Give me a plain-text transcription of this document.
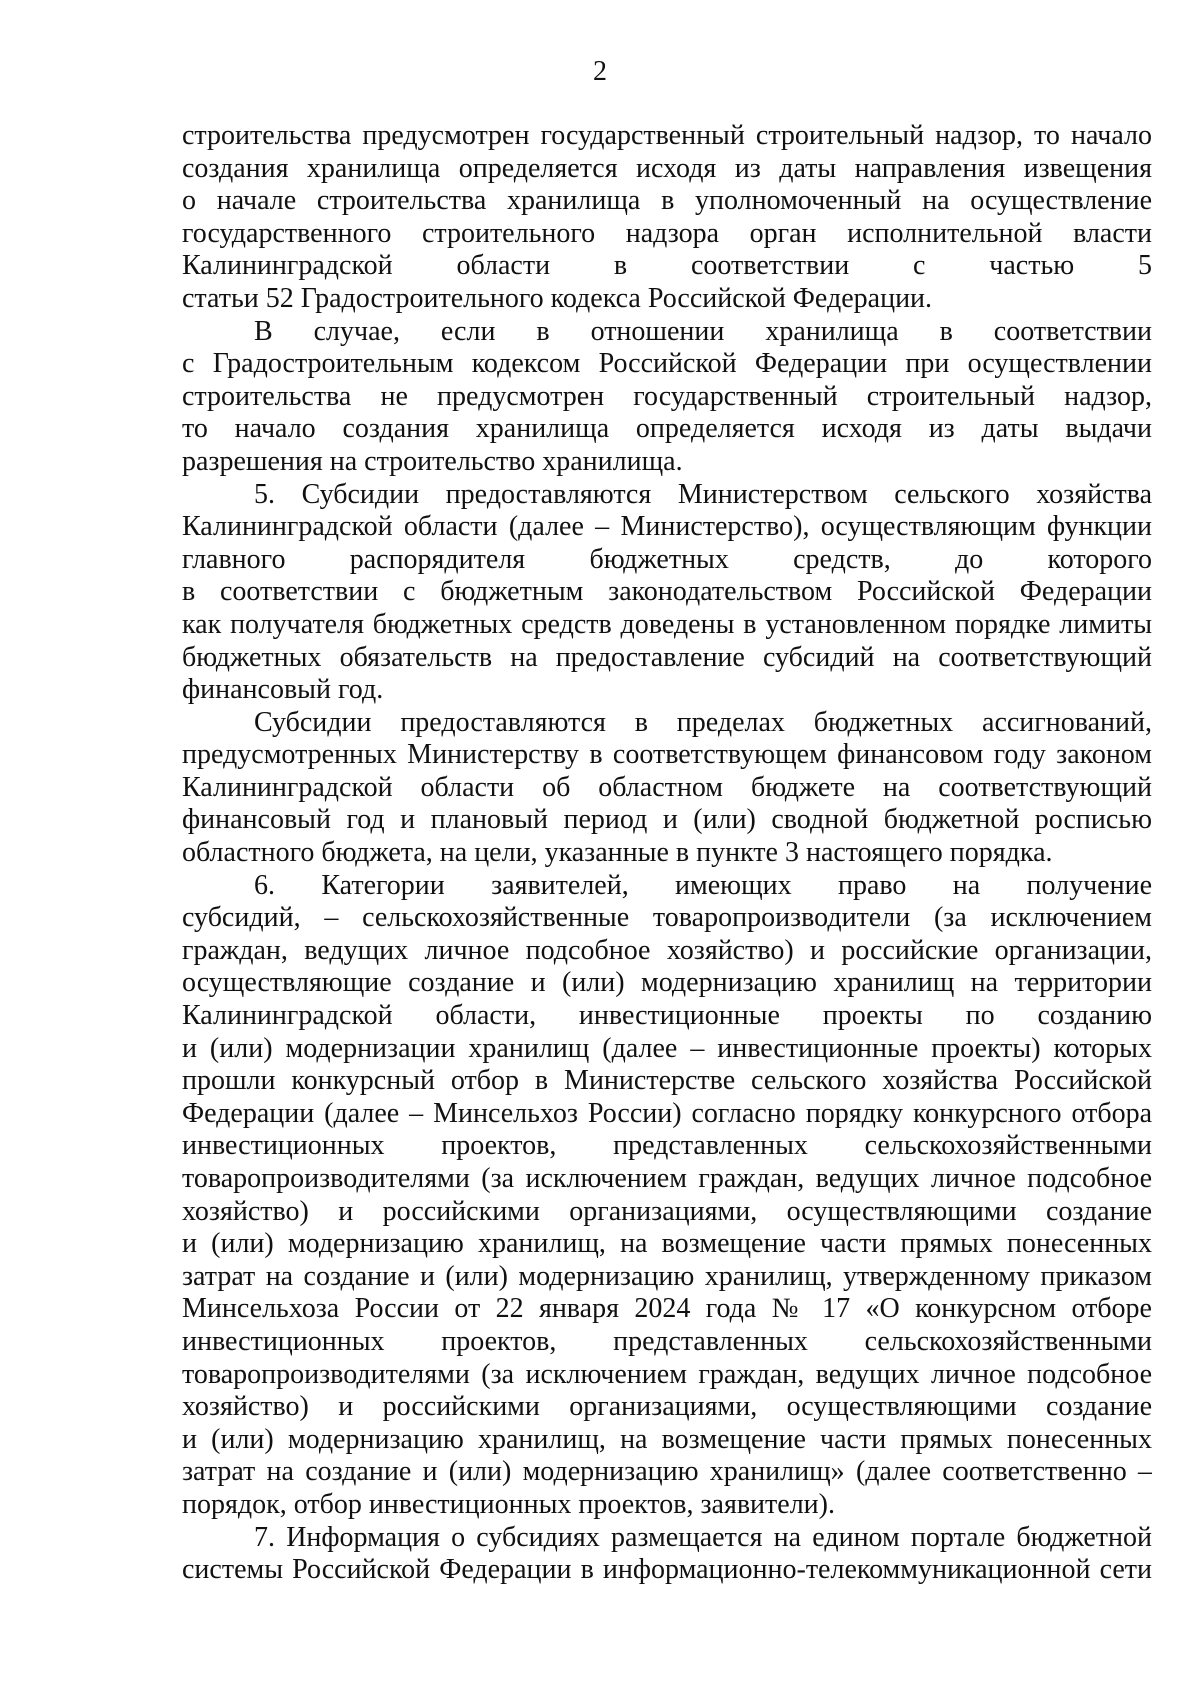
2
строительства предусмотрен государственный строительный надзор, то начало
создания хранилища определяется исходя из даты направления извещения
о начале строительства хранилища в уполномоченный на осуществление
государственного строительного надзора орган исполнительной власти
Калининградской области в соответствии с частью 5
статьи 52 Градостроительного кодекса Российской Федерации.
В случае, если в отношении хранилища в соответствии
с Градостроительным кодексом Российской Федерации при осуществлении
строительства не предусмотрен государственный строительный надзор,
то начало создания хранилища определяется исходя из даты выдачи
разрешения на строительство хранилища.
5. Субсидии предоставляются Министерством сельского хозяйства
Калининградской области (далее – Министерство), осуществляющим функции
главного распорядителя бюджетных средств, до которого
в соответствии с бюджетным законодательством Российской Федерации
как получателя бюджетных средств доведены в установленном порядке лимиты
бюджетных обязательств на предоставление субсидий на соответствующий
финансовый год.
Субсидии предоставляются в пределах бюджетных ассигнований,
предусмотренных Министерству в соответствующем финансовом году законом
Калининградской области об областном бюджете на соответствующий
финансовый год и плановый период и (или) сводной бюджетной росписью
областного бюджета, на цели, указанные в пункте 3 настоящего порядка.
6. Категории заявителей, имеющих право на получение
субсидий, – сельскохозяйственные товаропроизводители (за исключением
граждан, ведущих личное подсобное хозяйство) и российские организации,
осуществляющие создание и (или) модернизацию хранилищ на территории
Калининградской области, инвестиционные проекты по созданию
и (или) модернизации хранилищ (далее – инвестиционные проекты) которых
прошли конкурсный отбор в Министерстве сельского хозяйства Российской
Федерации (далее – Минсельхоз России) согласно порядку конкурсного отбора
инвестиционных проектов, представленных сельскохозяйственными
товаропроизводителями (за исключением граждан, ведущих личное подсобное
хозяйство) и российскими организациями, осуществляющими создание
и (или) модернизацию хранилищ, на возмещение части прямых понесенных
затрат на создание и (или) модернизацию хранилищ, утвержденному приказом
Минсельхоза России от 22 января 2024 года № 17 «О конкурсном отборе
инвестиционных проектов, представленных сельскохозяйственными
товаропроизводителями (за исключением граждан, ведущих личное подсобное
хозяйство) и российскими организациями, осуществляющими создание
и (или) модернизацию хранилищ, на возмещение части прямых понесенных
затрат на создание и (или) модернизацию хранилищ» (далее соответственно –
порядок, отбор инвестиционных проектов, заявители).
7. Информация о субсидиях размещается на едином портале бюджетной
системы Российской Федерации в информационно-телекоммуникационной сети
